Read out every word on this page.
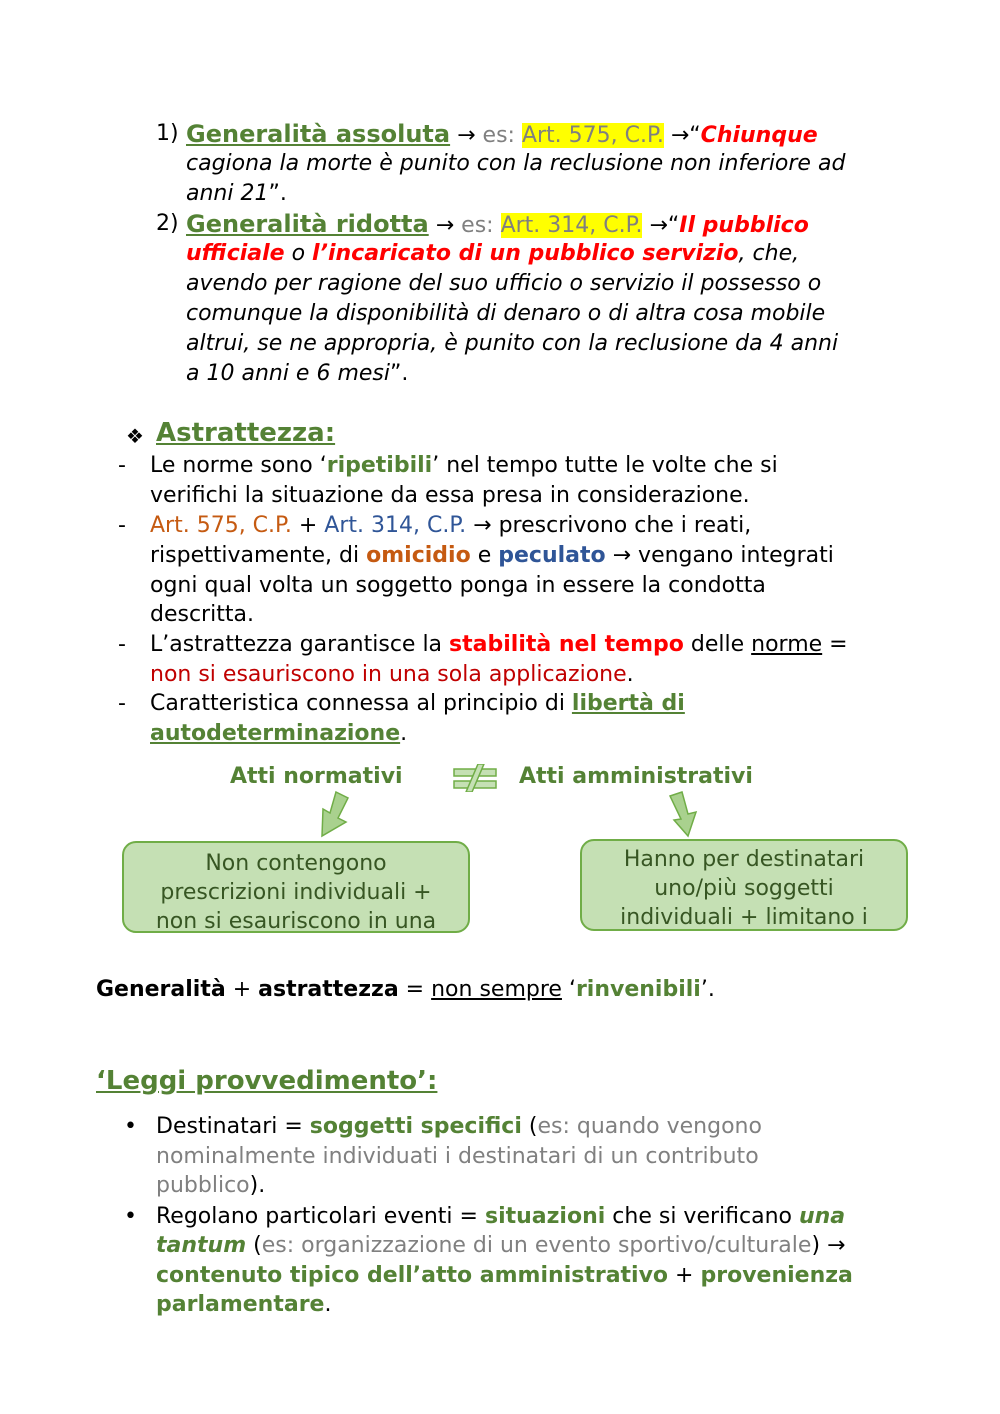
1) Generalità assoluta → es: Art. 575, C.P. →“Chiunque
cagiona la morte è punito con la reclusione non inferiore ad
anni 21”.
2) Generalità ridotta → es: Art. 314, C.P. →“Il pubblico
ufficiale o l’incaricato di un pubblico servizio, che,
avendo per ragione del suo ufficio o servizio il possesso o
comunque la disponibilità di denaro o di altra cosa mobile
altrui, se ne appropria, è punito con la reclusione da 4 anni
a 10 anni e 6 mesi”.
❖ Astrattezza:
- Le norme sono ‘ripetibili’ nel tempo tutte le volte che si
verifichi la situazione da essa presa in considerazione.
- Art. 575, C.P. + Art. 314, C.P. → prescrivono che i reati,
rispettivamente, di omicidio e peculato → vengano integrati
ogni qual volta un soggetto ponga in essere la condotta
descritta.
- L’astrattezza garantisce la stabilità nel tempo delle norme =
non si esauriscono in una sola applicazione.
- Caratteristica connessa al principio di libertà di
autodeterminazione.
Atti normativi	Atti amministrativi
Non contengono
prescrizioni individuali +
non si esauriscono in una
Hanno per destinatari
uno/più soggetti
individuali + limitano i
Generalità + astrattezza = non sempre ‘rinvenibili’.
‘Leggi provvedimento’:
• Destinatari = soggetti specifici (es: quando vengono
nominalmente individuati i destinatari di un contributo
pubblico).
• Regolano particolari eventi = situazioni che si verificano una
tantum (es: organizzazione di un evento sportivo/culturale) →
contenuto tipico dell’atto amministrativo + provenienza
parlamentare.
